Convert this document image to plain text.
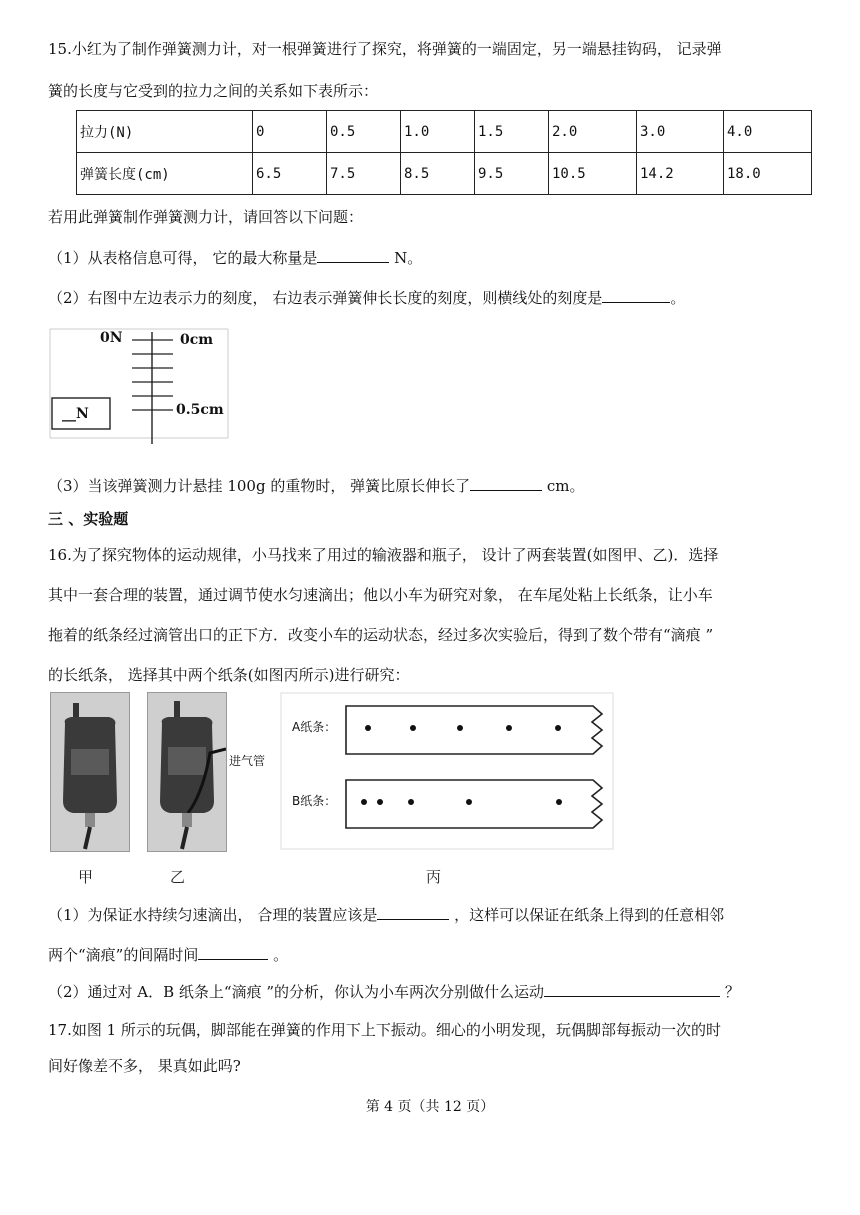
15.小红为了制作弹簧测力计，对一根弹簧进行了探究，将弹簧的一端固定，另一端悬挂钩码， 记录弹
簧的长度与它受到的拉力之间的关系如下表所示：
拉力(N)	0	0.5	1.0	1.5	2.0	3.0	4.0
弹簧长度(cm)	6.5	7.5	8.5	9.5	10.5	14.2	18.0
若用此弹簧制作弹簧测力计，请回答以下问题：
（1）从表格信息可得， 它的最大称量是	N。
（2）右图中左边表示力的刻度， 右边表示弹簧伸长长度的刻度，则横线处的刻度是	。
0N	0cm
0.5cm
__N
（3）当该弹簧测力计悬挂 100g 的重物时， 弹簧比原长伸长了	cm。
三 、实验题
16.为了探究物体的运动规律，小马找来了用过的输液器和瓶子， 设计了两套装置(如图甲、乙)．选择
其中一套合理的装置，通过调节使水匀速滴出；他以小车为研究对象， 在车尾处粘上长纸条，让小车
拖着的纸条经过滴管出口的正下方．改变小车的运动状态，经过多次实验后，得到了数个带有“滴痕 ”
的长纸条， 选择其中两个纸条(如图丙所示)进行研究：
进气管
A纸条：
B纸条：
甲	乙	丙
（1）为保证水持续匀速滴出， 合理的装置应该是	，这样可以保证在纸条上得到的任意相邻
两个“滴痕”的间隔时间	。
（2）通过对 A．B 纸条上“滴痕 ”的分析，你认为小车两次分别做什么运动	？
17.如图 1 所示的玩偶，脚部能在弹簧的作用下上下振动。细心的小明发现，玩偶脚部每振动一次的时
间好像差不多， 果真如此吗?
第 4 页（共 12 页）
